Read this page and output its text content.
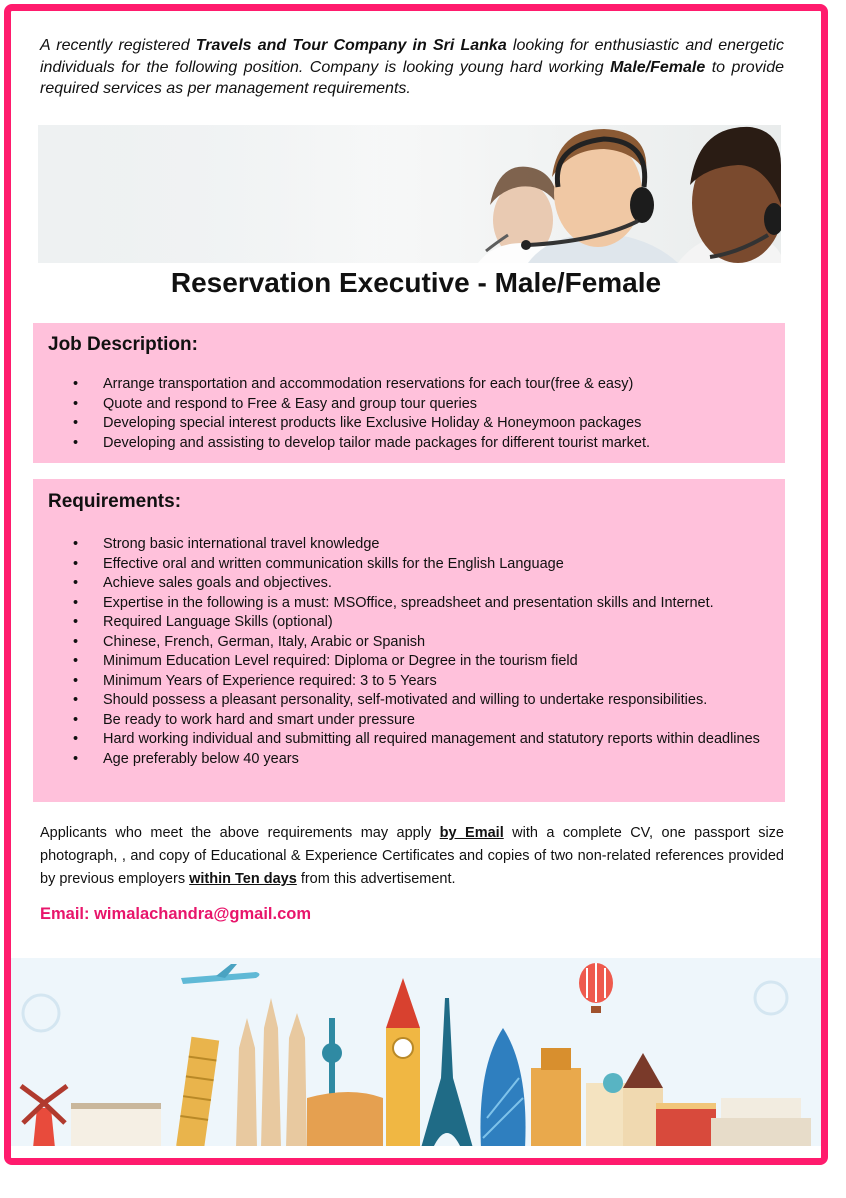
A recently registered Travels and Tour Company in Sri Lanka looking for enthusiastic and energetic individuals for the following position. Company is looking young hard working Male/Female to provide required services as per management requirements.

Reservation Executive - Male/Female
Job Description:
• Arrange transportation and accommodation reservations for each tour(free & easy)
• Quote and respond to Free & Easy and group tour queries
• Developing special interest products like Exclusive Holiday & Honeymoon packages
• Developing and assisting to develop tailor made packages for different tourist market.
Requirements:
• Strong basic international travel knowledge
• Effective oral and written communication skills for the English Language
• Achieve sales goals and objectives.
• Expertise in the following is a must: MSOffice, spreadsheet and presentation skills and Internet.
• Required Language Skills (optional)
• Chinese, French, German, Italy, Arabic or Spanish
• Minimum Education Level required: Diploma or Degree in the tourism field
• Minimum Years of Experience required: 3 to 5 Years
• Should possess a pleasant personality, self-motivated and willing to undertake responsibilities.
• Be ready to work hard and smart under pressure
• Hard working individual and submitting all required management and statutory reports within deadlines
• Age preferably below 40 years

Applicants who meet the above requirements may apply by Email with a complete CV, one passport size photograph, , and copy of Educational & Experience Certificates and copies of two non-related references provided by previous employers within Ten days from this advertisement.

Email: wimalachandra@gmail.com
